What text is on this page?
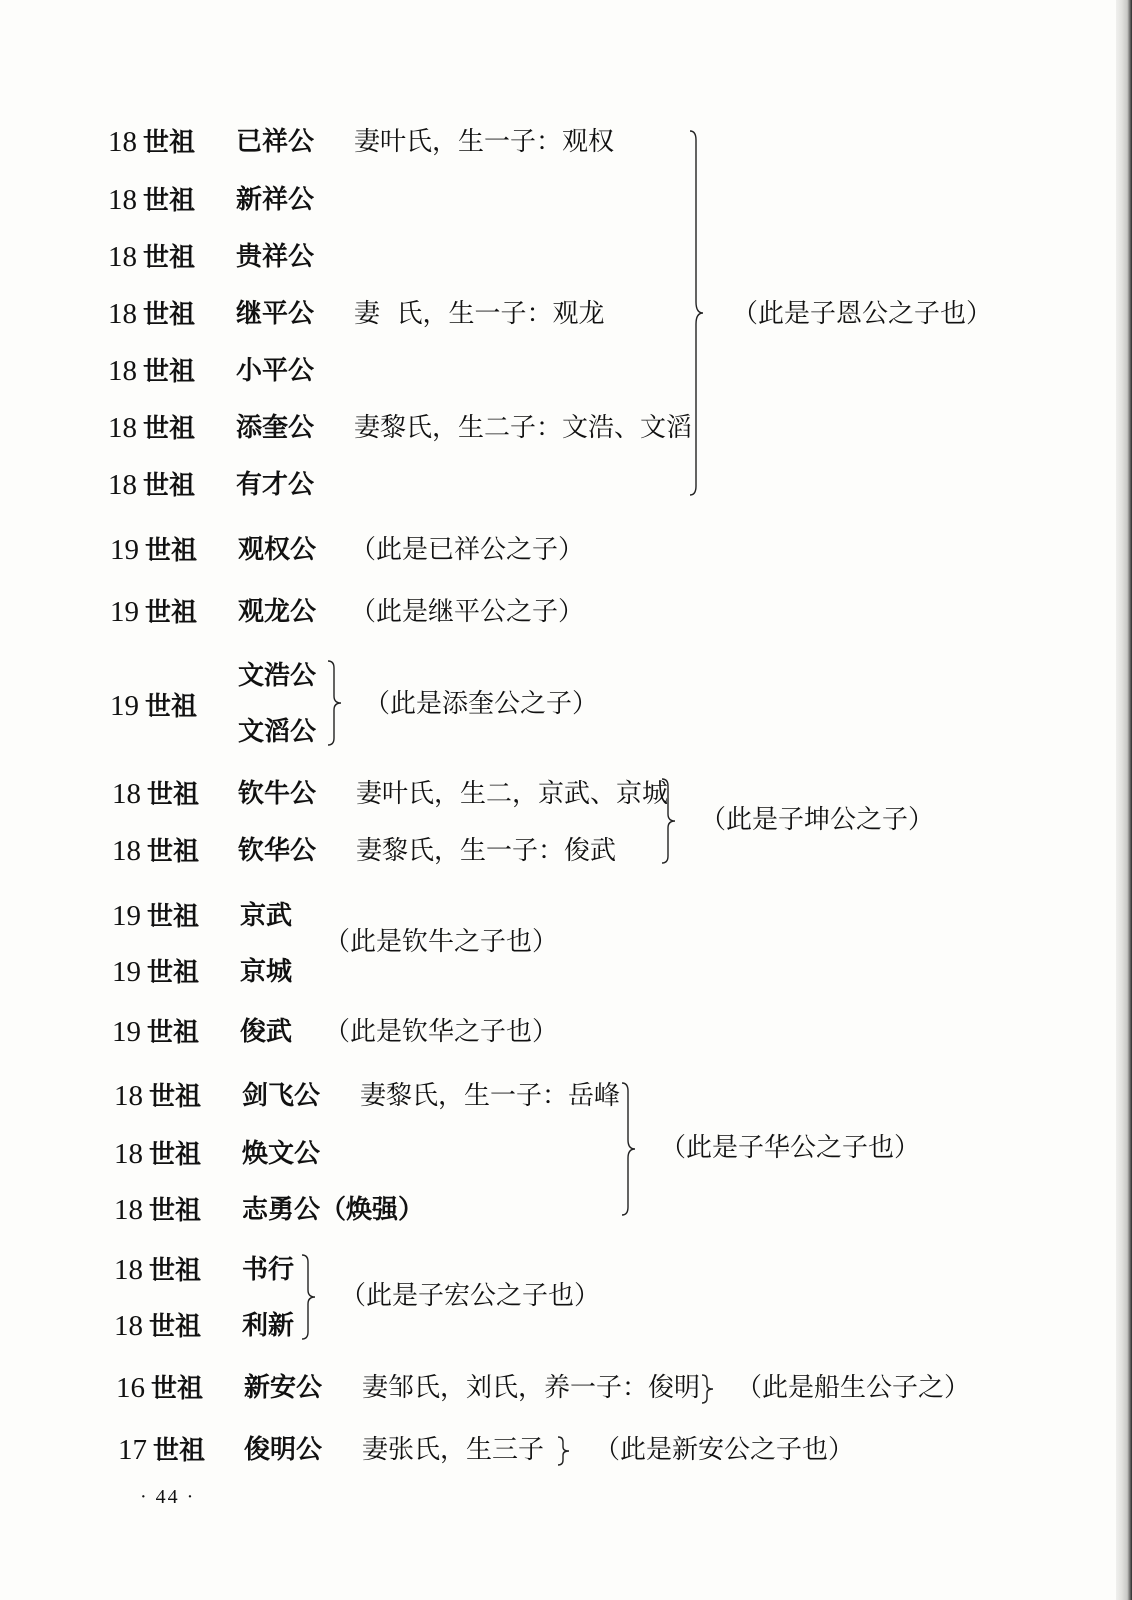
18 世祖 已祥公 妻叶氏，生一子：观权
18 世祖 新祥公
18 世祖 贵祥公
18 世祖 继平公 妻  氏，生一子：观龙
18 世祖 小平公
18 世祖 添奎公 妻黎氏，生二子：文浩、文滔
18 世祖 有才公
（此是子恩公之子也）
19 世祖 观权公 （此是已祥公之子）
19 世祖 观龙公 （此是继平公之子）
19 世祖
文浩公
文滔公
（此是添奎公之子）
18 世祖 钦牛公 妻叶氏，生二，京武、京城
18 世祖 钦华公 妻黎氏，生一子：俊武
（此是子坤公之子）
19 世祖 京武
19 世祖 京城
（此是钦牛之子也）
19 世祖 俊武 （此是钦华之子也）
18 世祖 剑飞公 妻黎氏，生一子：岳峰
18 世祖 焕文公
18 世祖 志勇公（焕强）
（此是子华公之子也）
18 世祖 书行
18 世祖 利新
（此是子宏公之子也）
16 世祖 新安公 妻邹氏，刘氏，养一子：俊明 （此是船生公子之）
17 世祖 俊明公 妻张氏，生三子 （此是新安公之子也）
· 44 ·
